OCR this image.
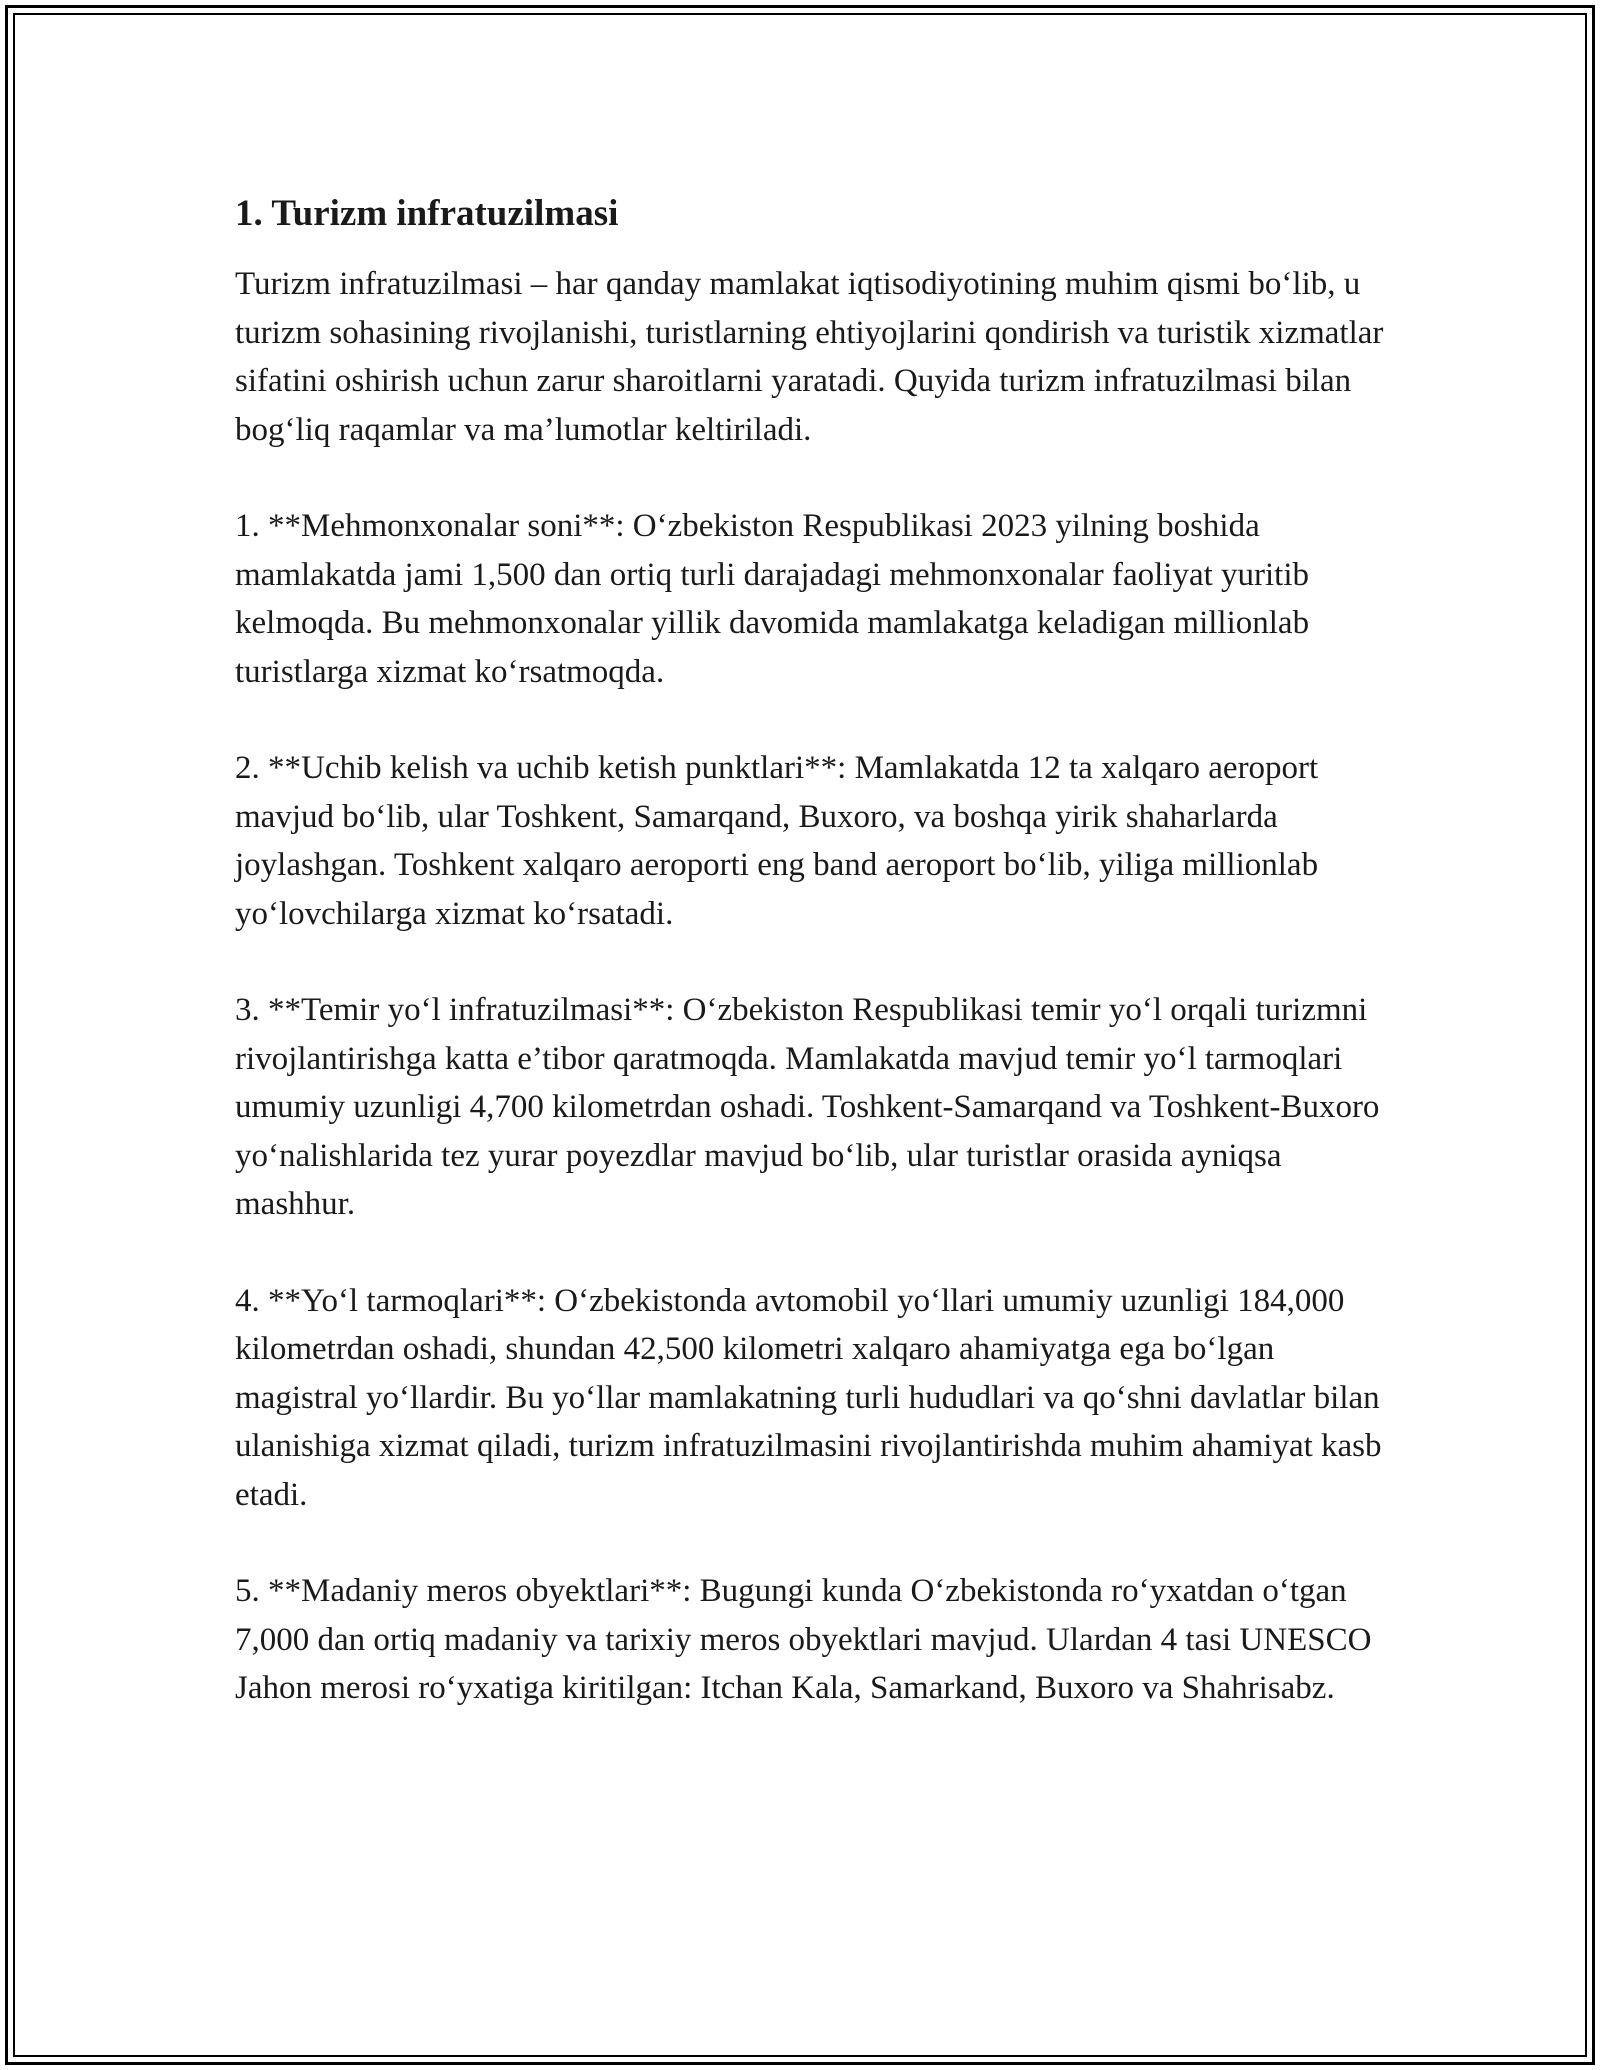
1. Turizm infratuzilmasi

Turizm infratuzilmasi – har qanday mamlakat iqtisodiyotining muhim qismi bo‘lib, u turizm sohasining rivojlanishi, turistlarning ehtiyojlarini qondirish va turistik xizmatlar sifatini oshirish uchun zarur sharoitlarni yaratadi. Quyida turizm infratuzilmasi bilan bog‘liq raqamlar va ma’lumotlar keltiriladi.

1. **Mehmonxonalar soni**: O‘zbekiston Respublikasi 2023 yilning boshida mamlakatda jami 1,500 dan ortiq turli darajadagi mehmonxonalar faoliyat yuritib kelmoqda. Bu mehmonxonalar yillik davomida mamlakatga keladigan millionlab turistlarga xizmat ko‘rsatmoqda.

2. **Uchib kelish va uchib ketish punktlari**: Mamlakatda 12 ta xalqaro aeroport mavjud bo‘lib, ular Toshkent, Samarqand, Buxoro, va boshqa yirik shaharlarda joylashgan. Toshkent xalqaro aeroporti eng band aeroport bo‘lib, yiliga millionlab yo‘lovchilarga xizmat ko‘rsatadi.

3. **Temir yo‘l infratuzilmasi**: O‘zbekiston Respublikasi temir yo‘l orqali turizmni rivojlantirishga katta e’tibor qaratmoqda. Mamlakatda mavjud temir yo‘l tarmoqlari umumiy uzunligi 4,700 kilometrdan oshadi. Toshkent-Samarqand va Toshkent-Buxoro yo‘nalishlarida tez yurar poyezdlar mavjud bo‘lib, ular turistlar orasida ayniqsa mashhur.

4. **Yo‘l tarmoqlari**: O‘zbekistonda avtomobil yo‘llari umumiy uzunligi 184,000 kilometrdan oshadi, shundan 42,500 kilometri xalqaro ahamiyatga ega bo‘lgan magistral yo‘llardir. Bu yo‘llar mamlakatning turli hududlari va qo‘shni davlatlar bilan ulanishiga xizmat qiladi, turizm infratuzilmasini rivojlantirishda muhim ahamiyat kasb etadi.

5. **Madaniy meros obyektlari**: Bugungi kunda O‘zbekistonda ro‘yxatdan o‘tgan 7,000 dan ortiq madaniy va tarixiy meros obyektlari mavjud. Ulardan 4 tasi UNESCO Jahon merosi ro‘yxatiga kiritilgan: Itchan Kala, Samarkand, Buxoro va Shahrisabz.
